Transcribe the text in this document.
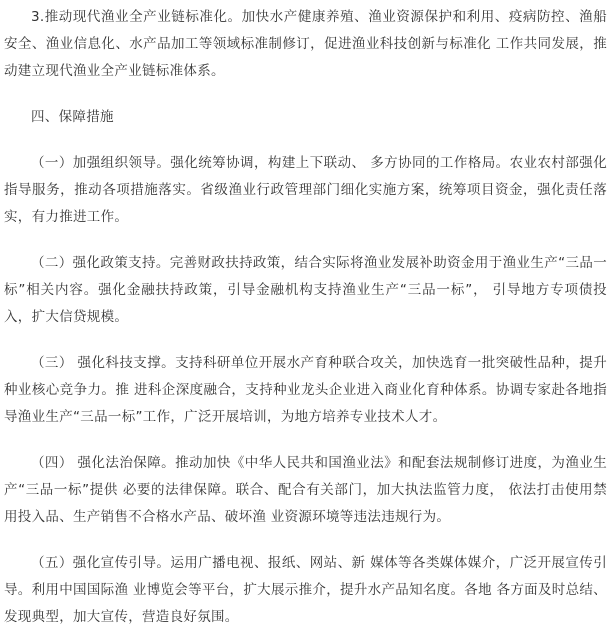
3.推动现代渔业全产业链标准化。加快水产健康养殖、渔业资源保护和利用、疫病防控、渔船安全、渔业信息化、水产品加工等领域标准制修订，促进渔业科技创新与标准化 工作共同发展，推动建立现代渔业全产业链标准体系。

四、保障措施

（一）加强组织领导。强化统筹协调，构建上下联动、 多方协同的工作格局。农业农村部强化指导服务，推动各项措施落实。省级渔业行政管理部门细化实施方案，统筹项目资金，强化责任落实，有力推进工作。

（二）强化政策支持。完善财政扶持政策，结合实际将渔业发展补助资金用于渔业生产“三品一标”相关内容。强化金融扶持政策，引导金融机构支持渔业生产“三品一标”， 引导地方专项债投入，扩大信贷规模。

（三） 强化科技支撑。支持科研单位开展水产育种联合攻关，加快选育一批突破性品种，提升种业核心竞争力。推 进科企深度融合，支持种业龙头企业进入商业化育种体系。协调专家赴各地指导渔业生产“三品一标”工作，广泛开展培训，为地方培养专业技术人才。

（四） 强化法治保障。推动加快《中华人民共和国渔业法》和配套法规制修订进度，为渔业生产“三品一标”提供 必要的法律保障。联合、配合有关部门，加大执法监管力度， 依法打击使用禁用投入品、生产销售不合格水产品、破坏渔 业资源环境等违法违规行为。

（五）强化宣传引导。运用广播电视、报纸、网站、新 媒体等各类媒体媒介，广泛开展宣传引导。利用中国国际渔 业博览会等平台，扩大展示推介，提升水产品知名度。各地 各方面及时总结、发现典型，加大宣传，营造良好氛围。
